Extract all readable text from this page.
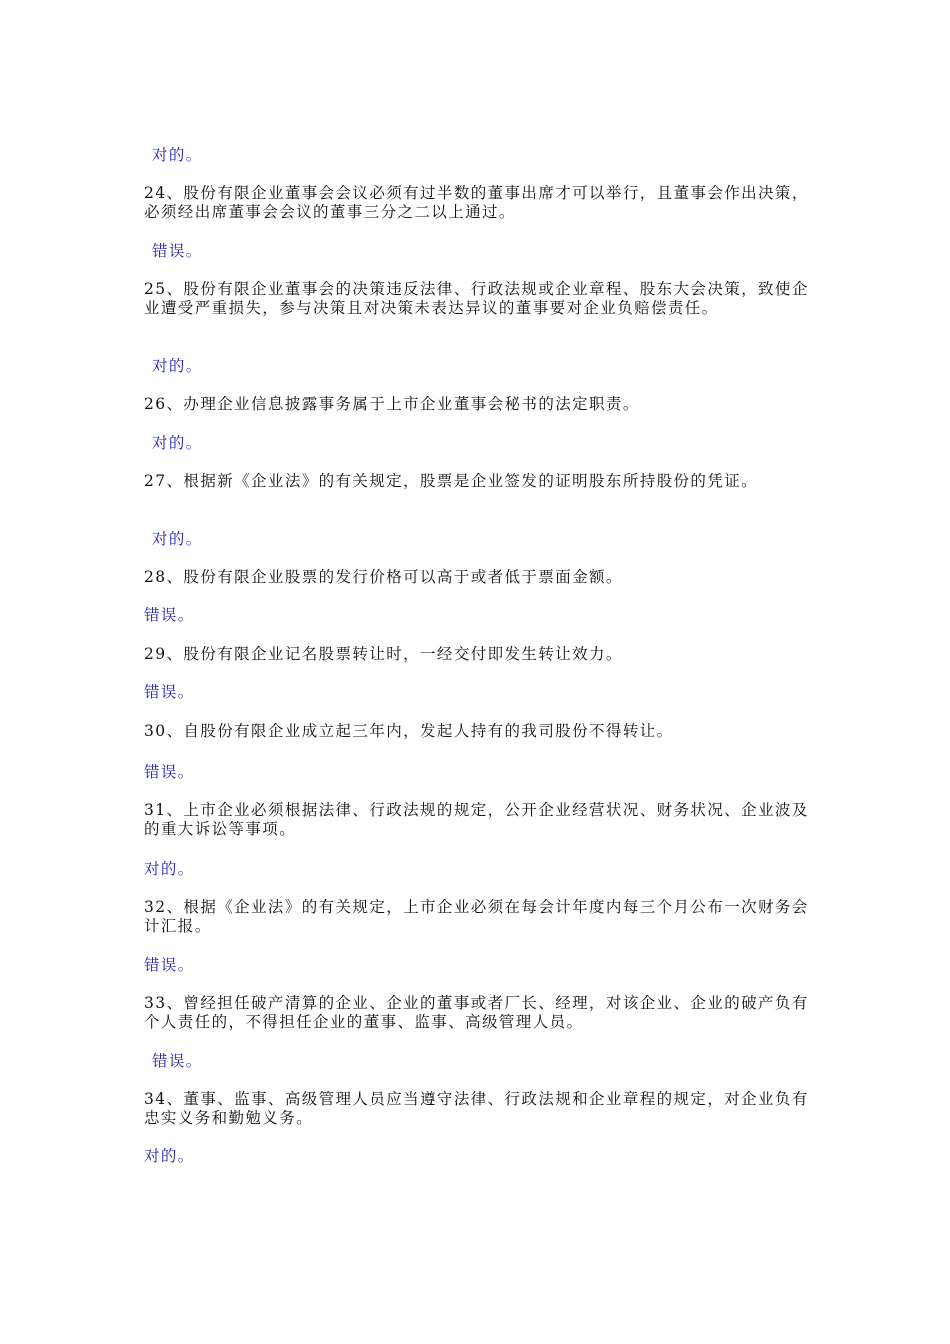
对的。
24、股份有限企业董事会会议必须有过半数的董事出席才可以举行，且董事会作出决策，必须经出席董事会会议的董事三分之二以上通过。
错误。
25、股份有限企业董事会的决策违反法律、行政法规或企业章程、股东大会决策，致使企业遭受严重损失，参与决策且对决策未表达异议的董事要对企业负赔偿责任。
对的。
26、办理企业信息披露事务属于上市企业董事会秘书的法定职责。
对的。
27、根据新《企业法》的有关规定，股票是企业签发的证明股东所持股份的凭证。
对的。
28、股份有限企业股票的发行价格可以高于或者低于票面金额。
错误。
29、股份有限企业记名股票转让时，一经交付即发生转让效力。
错误。
30、自股份有限企业成立起三年内，发起人持有的我司股份不得转让。
错误。
31、上市企业必须根据法律、行政法规的规定，公开企业经营状况、财务状况、企业波及的重大诉讼等事项。
对的。
32、根据《企业法》的有关规定，上市企业必须在每会计年度内每三个月公布一次财务会计汇报。
错误。
33、曾经担任破产清算的企业、企业的董事或者厂长、经理，对该企业、企业的破产负有个人责任的，不得担任企业的董事、监事、高级管理人员。
错误。
34、董事、监事、高级管理人员应当遵守法律、行政法规和企业章程的规定，对企业负有忠实义务和勤勉义务。
对的。
